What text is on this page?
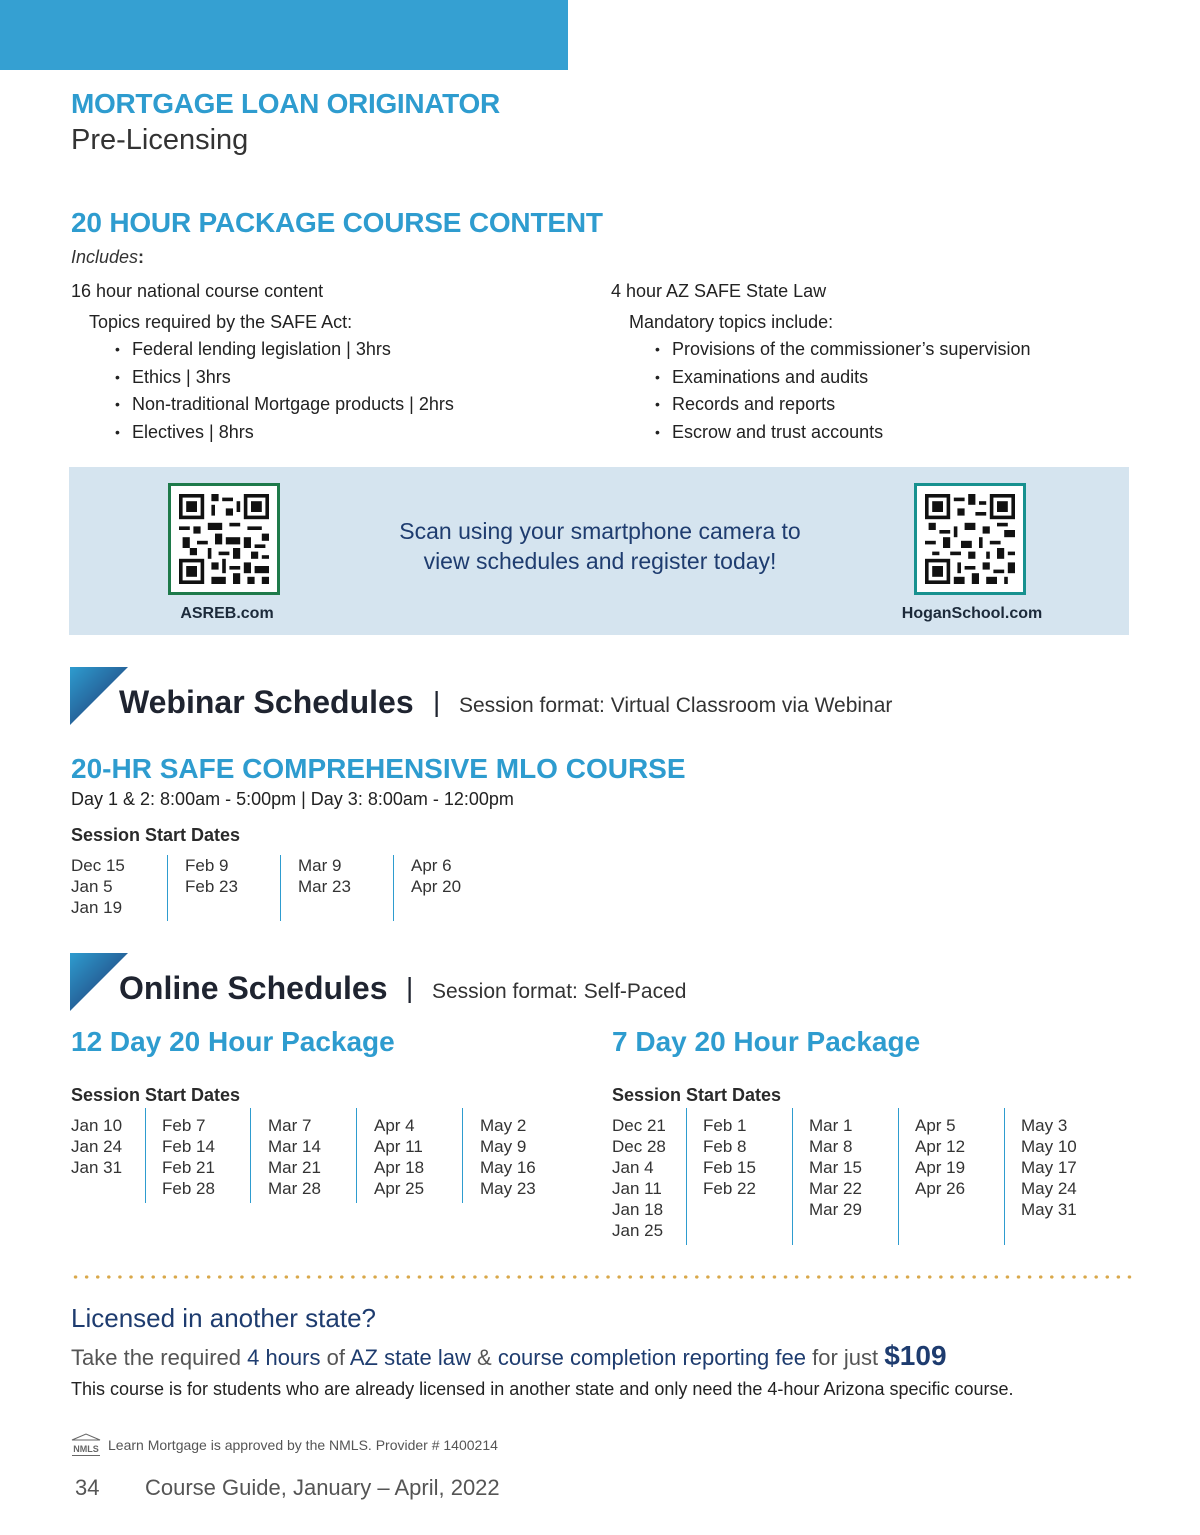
MORTGAGE LOAN ORIGINATOR
Pre-Licensing
20 HOUR PACKAGE COURSE CONTENT
Includes:
16 hour national course content
Topics required by the SAFE Act:
• Federal lending legislation | 3hrs
• Ethics | 3hrs
• Non-traditional Mortgage products | 2hrs
• Electives | 8hrs
4 hour AZ SAFE State Law
Mandatory topics include:
• Provisions of the commissioner’s supervision
• Examinations and audits
• Records and reports
• Escrow and trust accounts
ASREB.com
Scan using your smartphone camera to
view schedules and register today!
HoganSchool.com
Webinar Schedules | Session format: Virtual Classroom via Webinar
20-HR SAFE COMPREHENSIVE MLO COURSE
Day 1 & 2: 8:00am - 5:00pm | Day 3: 8:00am - 12:00pm
Session Start Dates
Dec 15
Jan 5
Jan 19
Feb 9
Feb 23
Mar 9
Mar 23
Apr 6
Apr 20
Online Schedules | Session format: Self-Paced
12 Day 20 Hour Package
Session Start Dates
Jan 10
Jan 24
Jan 31
Feb 7
Feb 14
Feb 21
Feb 28
Mar 7
Mar 14
Mar 21
Mar 28
Apr 4
Apr 11
Apr 18
Apr 25
May 2
May 9
May 16
May 23
7 Day 20 Hour Package
Session Start Dates
Dec 21
Dec 28
Jan 4
Jan 11
Jan 18
Jan 25
Feb 1
Feb 8
Feb 15
Feb 22
Mar 1
Mar 8
Mar 15
Mar 22
Mar 29
Apr 5
Apr 12
Apr 19
Apr 26
May 3
May 10
May 17
May 24
May 31
Licensed in another state?
Take the required 4 hours of AZ state law & course completion reporting fee for just $109
This course is for students who are already licensed in another state and only need the 4-hour Arizona specific course.
NMLS Learn Mortgage is approved by the NMLS. Provider # 1400214
34 Course Guide, January – April, 2022
